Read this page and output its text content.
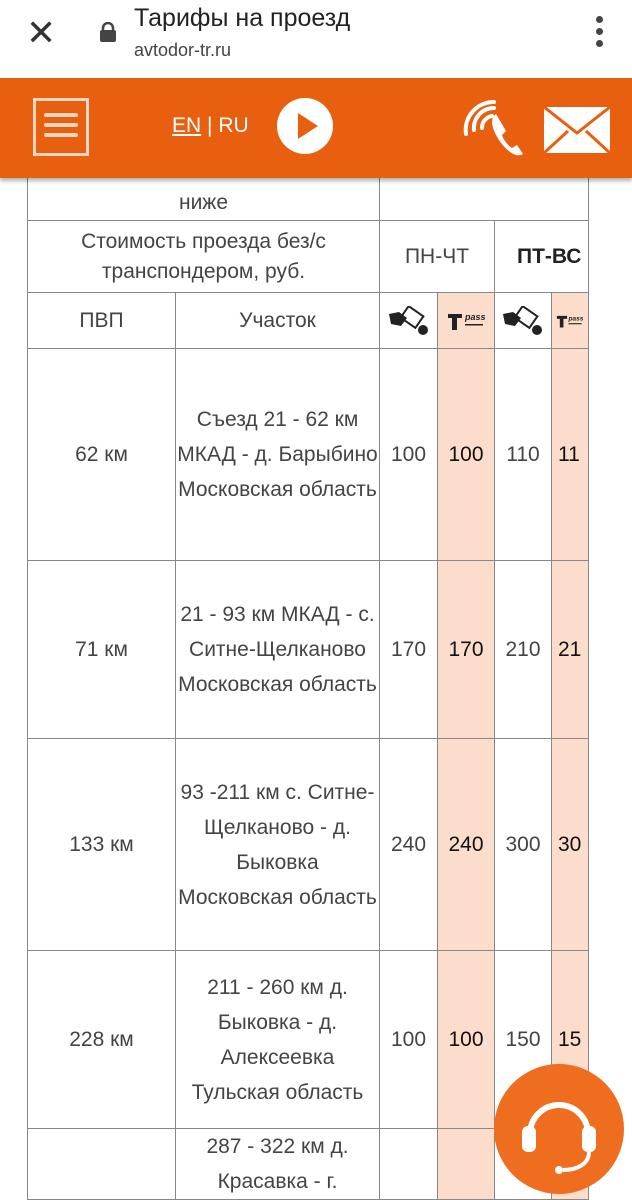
✕	Тарифы на проезд
avtodor-tr.ru
EN | RU
ниже					
Стоимость проезда без/с транспондером, руб.		ПН-ЧТ		ПТ-ВС	
ПВП	Участок		pass		pass

62 км	Съезд 21 - 62 км МКАД - д. Барыбино Московская область	100	100	110	11
71 км	21 - 93 км МКАД - с. Ситне-Щелканово Московская область	170	170	210	21
133 км	93 -211 км с. Ситне-Щелканово - д. Быковка Московская область	240	240	300	30
228 км	211 - 260 км д. Быковка - д. Алексеевка Тульская область	100	100	150	15
	287 - 322 км д. Красавка - г.				
